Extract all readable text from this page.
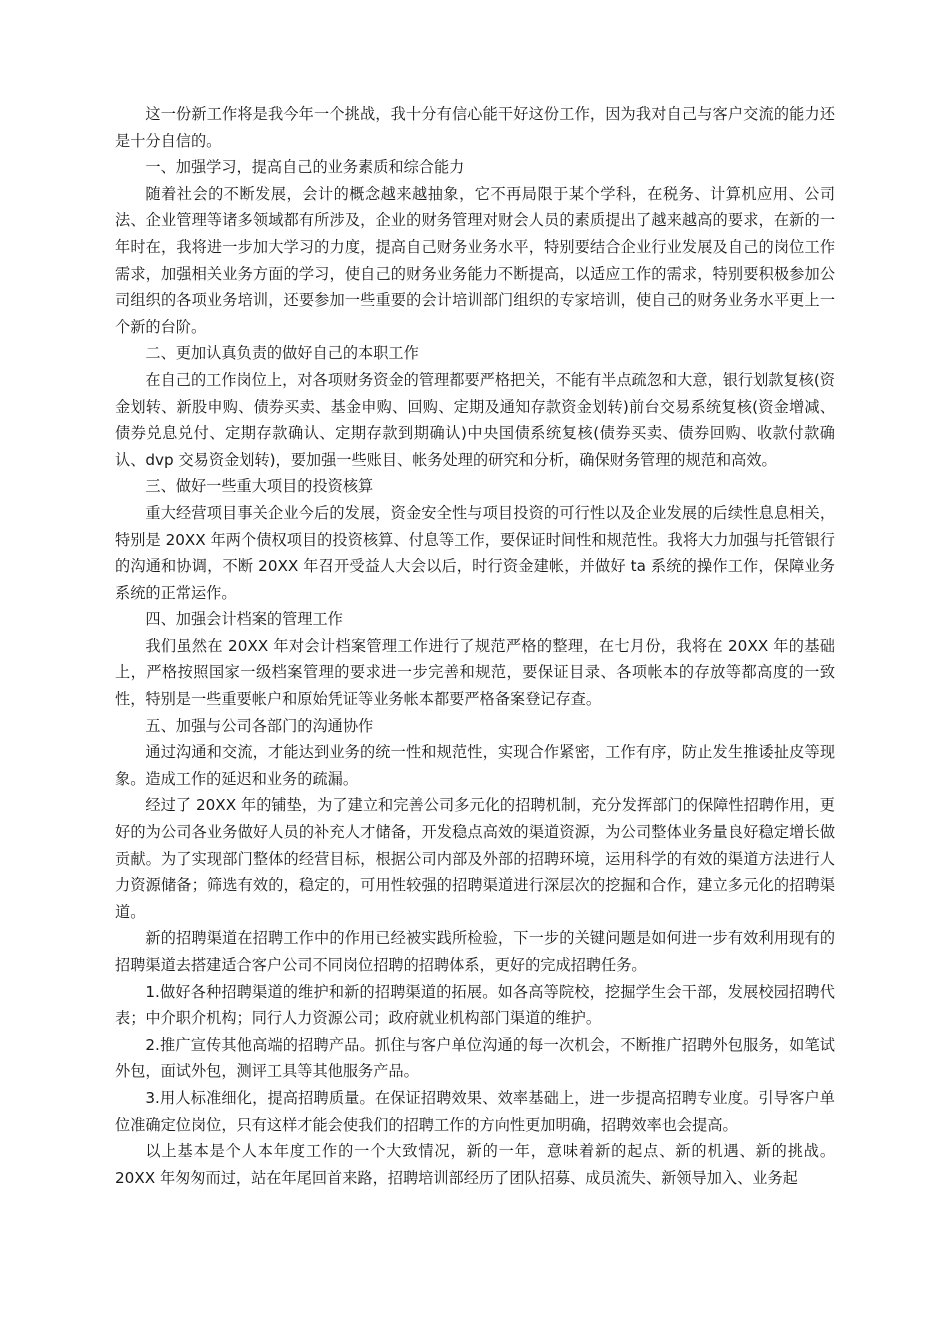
这一份新工作将是我今年一个挑战，我十分有信心能干好这份工作，因为我对自己与客户交流的能力还是十分自信的。

一、加强学习，提高自己的业务素质和综合能力

随着社会的不断发展，会计的概念越来越抽象，它不再局限于某个学科，在税务、计算机应用、公司法、企业管理等诸多领域都有所涉及，企业的财务管理对财会人员的素质提出了越来越高的要求，在新的一年时在，我将进一步加大学习的力度，提高自己财务业务水平，特别要结合企业行业发展及自己的岗位工作需求，加强相关业务方面的学习，使自己的财务业务能力不断提高，以适应工作的需求，特别要积极参加公司组织的各项业务培训，还要参加一些重要的会计培训部门组织的专家培训，使自己的财务业务水平更上一个新的台阶。

二、更加认真负责的做好自己的本职工作

在自己的工作岗位上，对各项财务资金的管理都要严格把关，不能有半点疏忽和大意，银行划款复核(资金划转、新股申购、债券买卖、基金申购、回购、定期及通知存款资金划转)前台交易系统复核(资金增减、债券兑息兑付、定期存款确认、定期存款到期确认)中央国债系统复核(债券买卖、债券回购、收款付款确认、dvp 交易资金划转)，要加强一些账目、帐务处理的研究和分析，确保财务管理的规范和高效。

三、做好一些重大项目的投资核算

重大经营项目事关企业今后的发展，资金安全性与项目投资的可行性以及企业发展的后续性息息相关，特别是 20XX 年两个债权项目的投资核算、付息等工作，要保证时间性和规范性。我将大力加强与托管银行的沟通和协调，不断 20XX 年召开受益人大会以后，时行资金建帐，并做好 ta 系统的操作工作，保障业务系统的正常运作。

四、加强会计档案的管理工作

我们虽然在 20XX 年对会计档案管理工作进行了规范严格的整理，在七月份，我将在 20XX 年的基础上，严格按照国家一级档案管理的要求进一步完善和规范，要保证目录、各项帐本的存放等都高度的一致性，特别是一些重要帐户和原始凭证等业务帐本都要严格备案登记存查。

五、加强与公司各部门的沟通协作

通过沟通和交流，才能达到业务的统一性和规范性，实现合作紧密，工作有序，防止发生推诿扯皮等现象。造成工作的延迟和业务的疏漏。

经过了 20XX 年的铺垫，为了建立和完善公司多元化的招聘机制，充分发挥部门的保障性招聘作用，更好的为公司各业务做好人员的补充人才储备，开发稳点高效的渠道资源，为公司整体业务量良好稳定增长做贡献。为了实现部门整体的经营目标，根据公司内部及外部的招聘环境，运用科学的有效的渠道方法进行人力资源储备；筛选有效的，稳定的，可用性较强的招聘渠道进行深层次的挖掘和合作，建立多元化的招聘渠道。

新的招聘渠道在招聘工作中的作用已经被实践所检验，下一步的关键问题是如何进一步有效利用现有的招聘渠道去搭建适合客户公司不同岗位招聘的招聘体系，更好的完成招聘任务。

1.做好各种招聘渠道的维护和新的招聘渠道的拓展。如各高等院校，挖掘学生会干部，发展校园招聘代表；中介职介机构；同行人力资源公司；政府就业机构部门渠道的维护。

2.推广宣传其他高端的招聘产品。抓住与客户单位沟通的每一次机会，不断推广招聘外包服务，如笔试外包，面试外包，测评工具等其他服务产品。

3.用人标准细化，提高招聘质量。在保证招聘效果、效率基础上，进一步提高招聘专业度。引导客户单位准确定位岗位，只有这样才能会使我们的招聘工作的方向性更加明确，招聘效率也会提高。

以上基本是个人本年度工作的一个大致情况，新的一年，意味着新的起点、新的机遇、新的挑战。20XX 年匆匆而过，站在年尾回首来路，招聘培训部经历了团队招募、成员流失、新领导加入、业务起
